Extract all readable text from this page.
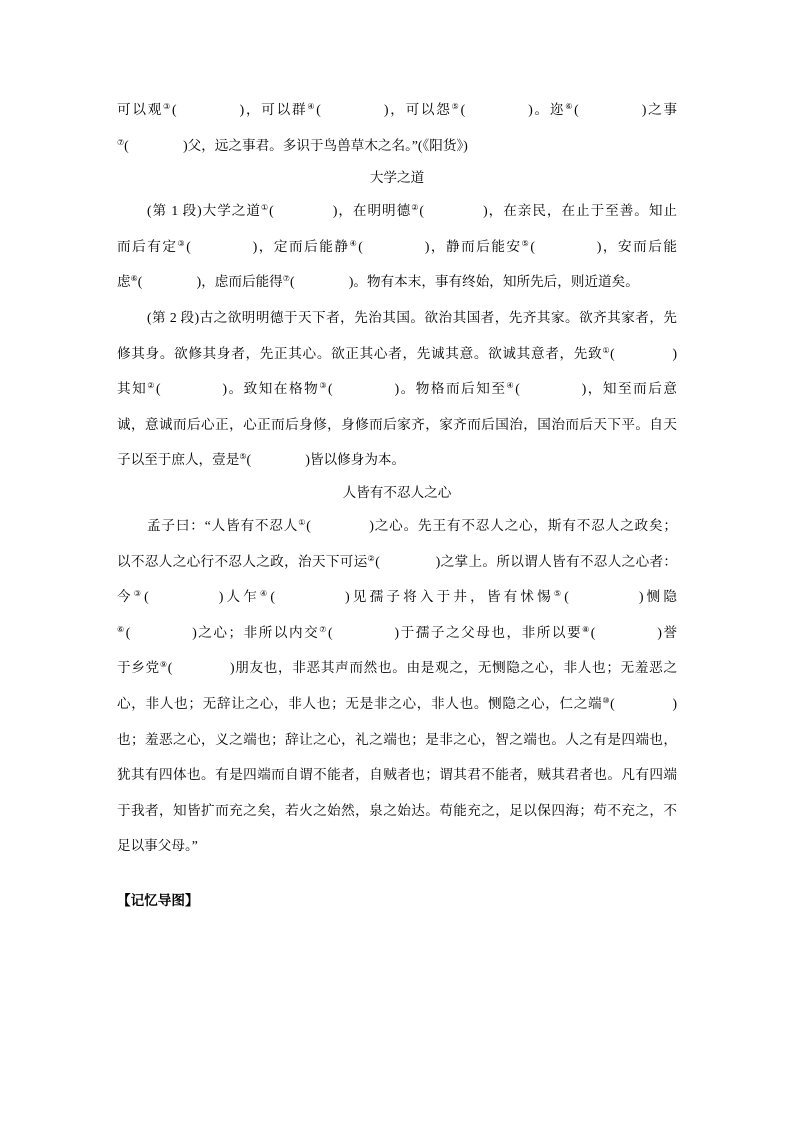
可以观③(　　　　)，可以群④(　　　　)，可以怨⑤(　　　　)。迩⑥(　　　　)之事
⑦(　　　　)父，远之事君。多识于鸟兽草木之名。”(《阳货》)
大学之道
(第 1 段)大学之道①(　　　　)，在明明德②(　　　　)，在亲民，在止于至善。知止
而后有定③(　　　　)，定而后能静④(　　　　)，静而后能安⑤(　　　　)，安而后能
虑⑥(　　　　)，虑而后能得⑦(　　　　)。物有本末，事有终始，知所先后，则近道矣。
(第 2 段)古之欲明明德于天下者，先治其国。欲治其国者，先齐其家。欲齐其家者，先
修其身。欲修其身者，先正其心。欲正其心者，先诚其意。欲诚其意者，先致①(　　　　)
其知②(　　　　)。致知在格物③(　　　　)。物格而后知至④(　　　　)，知至而后意
诚，意诚而后心正，心正而后身修，身修而后家齐，家齐而后国治，国治而后天下平。自天
子以至于庶人，壹是⑤(　　　　)皆以修身为本。
人皆有不忍人之心
孟子曰：“人皆有不忍人①(　　　　)之心。先王有不忍人之心，斯有不忍人之政矣；
以不忍人之心行不忍人之政，治天下可运②(　　　　)之掌上。所以谓人皆有不忍人之心者：
今③(　　　　)人乍④(　　　　)见孺子将入于井，皆有怵惕⑤(　　　　)恻隐
⑥(　　　　)之心；非所以内交⑦(　　　　)于孺子之父母也，非所以要⑧(　　　　)誉
于乡党⑨(　　　　)朋友也，非恶其声而然也。由是观之，无恻隐之心，非人也；无羞恶之
心，非人也；无辞让之心，非人也；无是非之心，非人也。恻隐之心，仁之端⑩(　　　　)
也；羞恶之心，义之端也；辞让之心，礼之端也；是非之心，智之端也。人之有是四端也，
犹其有四体也。有是四端而自谓不能者，自贼者也；谓其君不能者，贼其君者也。凡有四端
于我者，知皆扩而充之矣，若火之始然，泉之始达。苟能充之，足以保四海；苟不充之，不
足以事父母。”
【记忆导图】
